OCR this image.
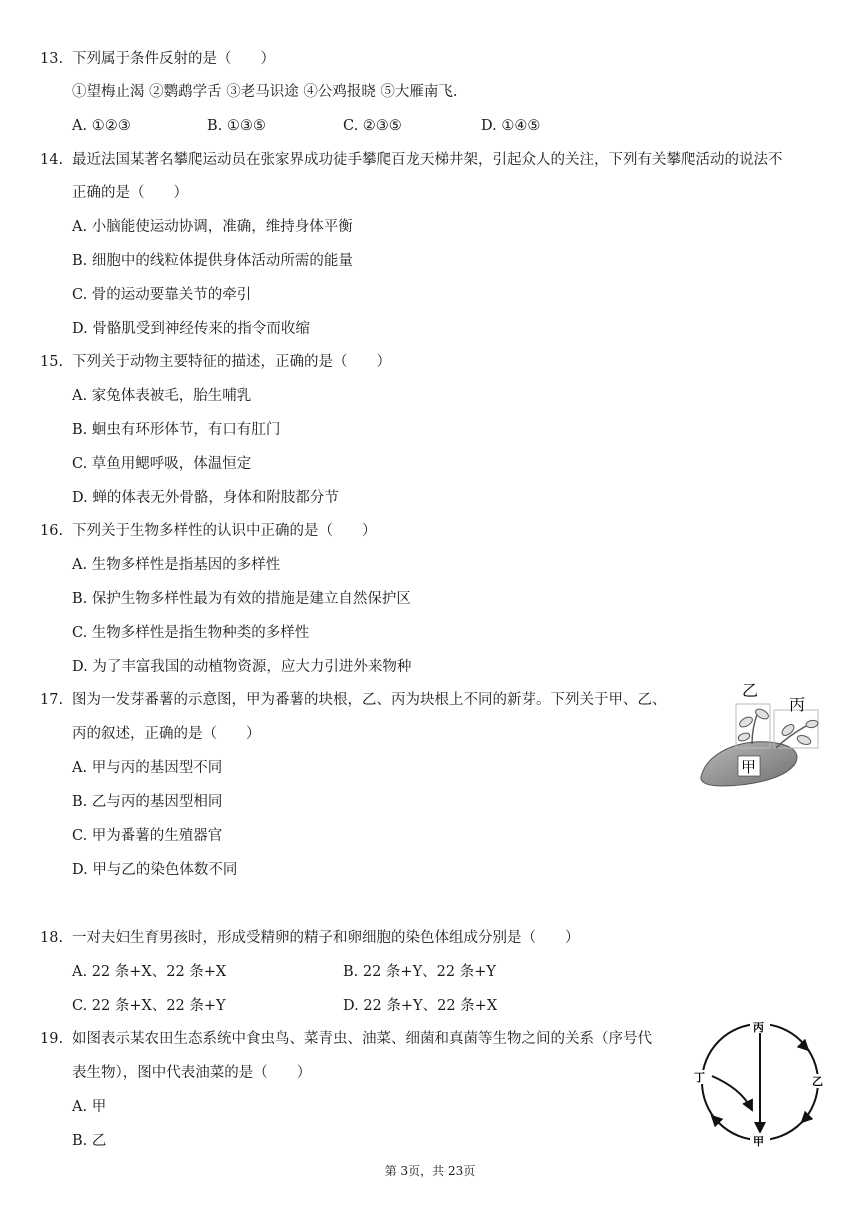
13. 下列属于条件反射的是（　　）
①望梅止渴 ②鹦鹉学舌 ③老马识途 ④公鸡报晓 ⑤大雁南飞.
A. ①②③	B. ①③⑤	C. ②③⑤	D. ①④⑤
14. 最近法国某著名攀爬运动员在张家界成功徒手攀爬百龙天梯井架，引起众人的关注，下列有关攀爬活动的说法不
正确的是（　　）
A. 小脑能使运动协调，准确，维持身体平衡
B. 细胞中的线粒体提供身体活动所需的能量
C. 骨的运动要靠关节的牵引
D. 骨骼肌受到神经传来的指令而收缩
15. 下列关于动物主要特征的描述，正确的是（　　）
A. 家兔体表被毛，胎生哺乳
B. 蛔虫有环形体节，有口有肛门
C. 草鱼用鳃呼吸，体温恒定
D. 蝉的体表无外骨骼，身体和附肢都分节
16. 下列关于生物多样性的认识中正确的是（　　）
A. 生物多样性是指基因的多样性
B. 保护生物多样性最为有效的措施是建立自然保护区
C. 生物多样性是指生物种类的多样性
D. 为了丰富我国的动植物资源，应大力引进外来物种
17. 图为一发芽番薯的示意图，甲为番薯的块根，乙、丙为块根上不同的新芽。下列关于甲、乙、
丙的叙述，正确的是（　　）
A. 甲与丙的基因型不同
B. 乙与丙的基因型相同
C. 甲为番薯的生殖器官
D. 甲与乙的染色体数不同
乙
丙
甲
18. 一对夫妇生育男孩时，形成受精卵的精子和卵细胞的染色体组成分别是（　　）
A. 22 条+X、22 条+X	B. 22 条+Y、22 条+Y
C. 22 条+X、22 条+Y	D. 22 条+Y、22 条+X
19. 如图表示某农田生态系统中食虫鸟、菜青虫、油菜、细菌和真菌等生物之间的关系（序号代
表生物），图中代表油菜的是（　　）
A. 甲
B. 乙
丙
丁	乙
甲
第 3页，共 23页
